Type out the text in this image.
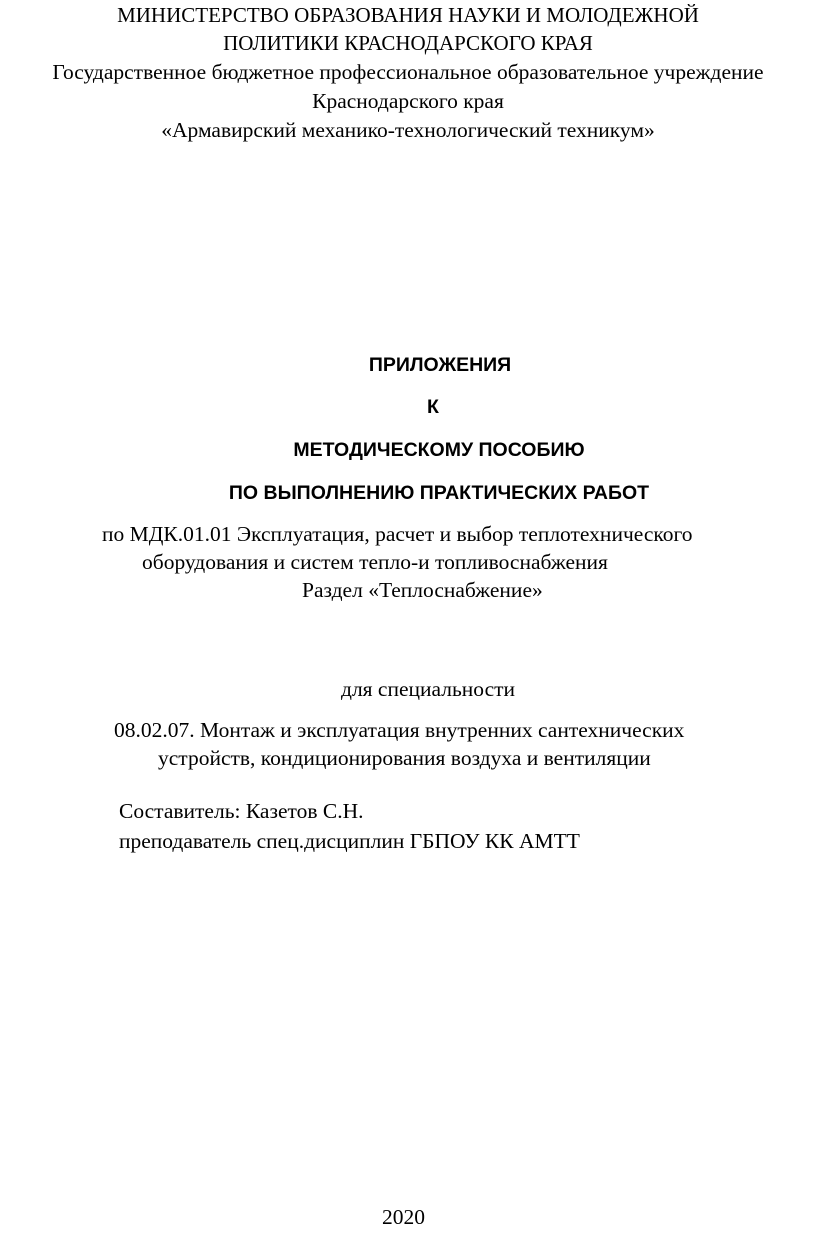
МИНИСТЕРСТВО ОБРАЗОВАНИЯ НАУКИ И МОЛОДЕЖНОЙ
ПОЛИТИКИ КРАСНОДАРСКОГО КРАЯ
Государственное бюджетное профессиональное образовательное учреждение
Краснодарского края
«Армавирский механико-технологический техникум»
ПРИЛОЖЕНИЯ
К
МЕТОДИЧЕСКОМУ ПОСОБИЮ
ПО ВЫПОЛНЕНИЮ ПРАКТИЧЕСКИХ РАБОТ
по МДК.01.01 Эксплуатация, расчет и выбор теплотехнического
оборудования и систем тепло-и топливоснабжения
Раздел «Теплоснабжение»
для специальности
08.02.07. Монтаж и эксплуатация внутренних сантехнических
устройств, кондиционирования воздуха и вентиляции
Составитель: Казетов С.Н.
преподаватель спец.дисциплин ГБПОУ КК АМТТ
2020
